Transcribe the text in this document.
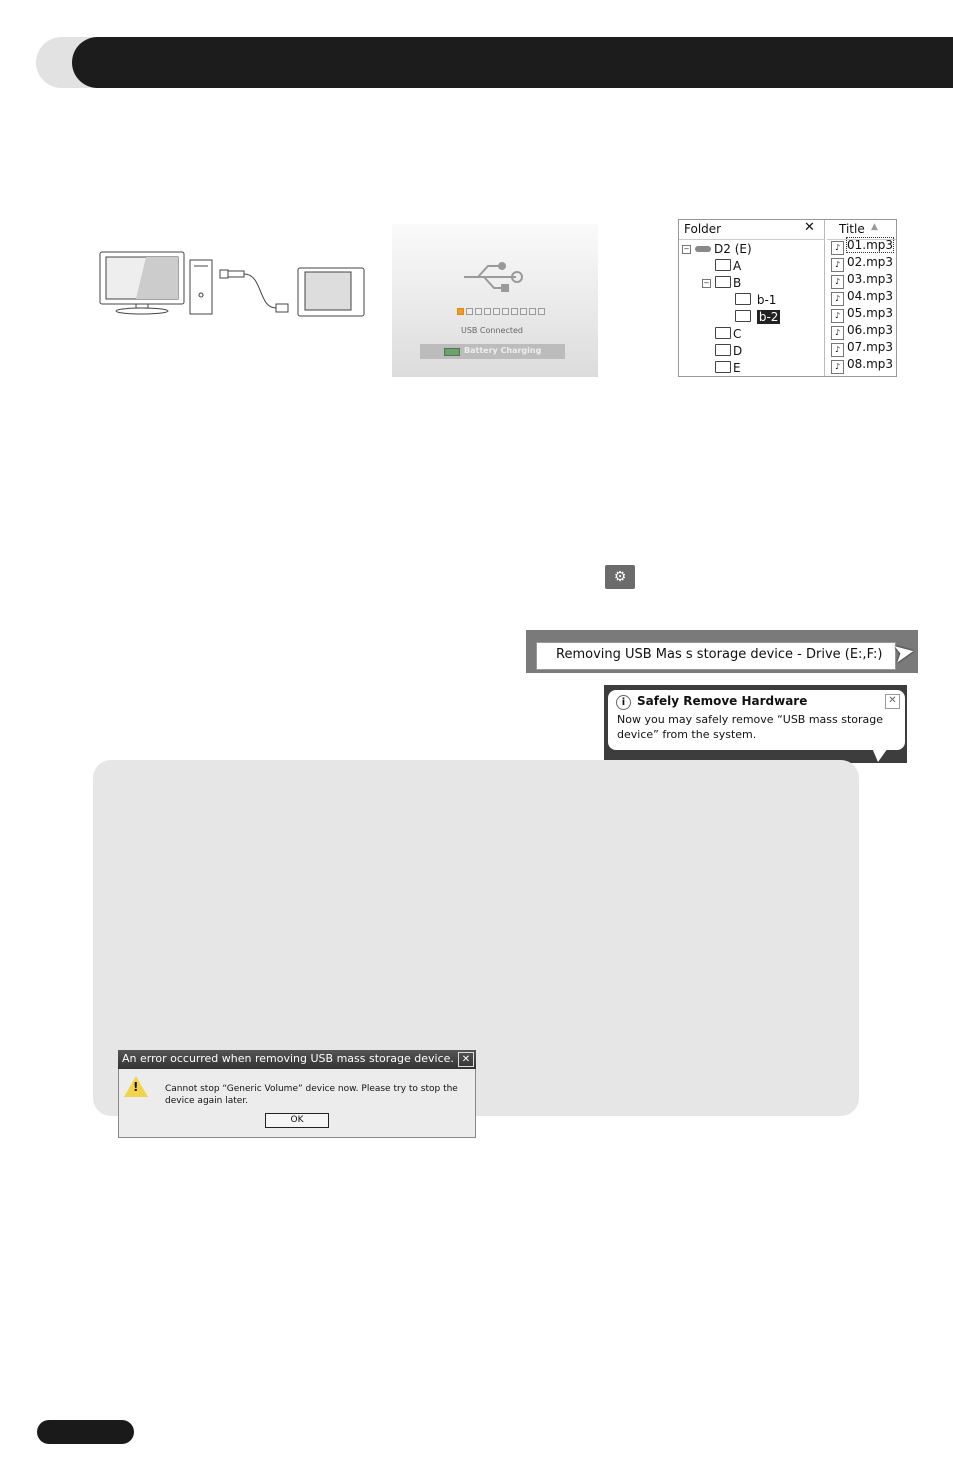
USB Connected
Battery Charging
Folder	✕
−	D2 (E)
A
−	B
b-1
b-2
C
D
E
Title ▲
♪ 01.mp3
♪ 02.mp3
♪ 03.mp3
♪ 04.mp3
♪ 05.mp3
♪ 06.mp3
♪ 07.mp3
♪ 08.mp3
⚙
Removing USB Mas s storage device - Drive (E:,F:) ➤
i Safely Remove Hardware	✕
Now you may safely remove “USB mass storage device” from the system.
An error occurred when removing USB mass storage device. ✕
!	Cannot stop “Generic Volume” device now. Please try to stop the device again later.
OK
